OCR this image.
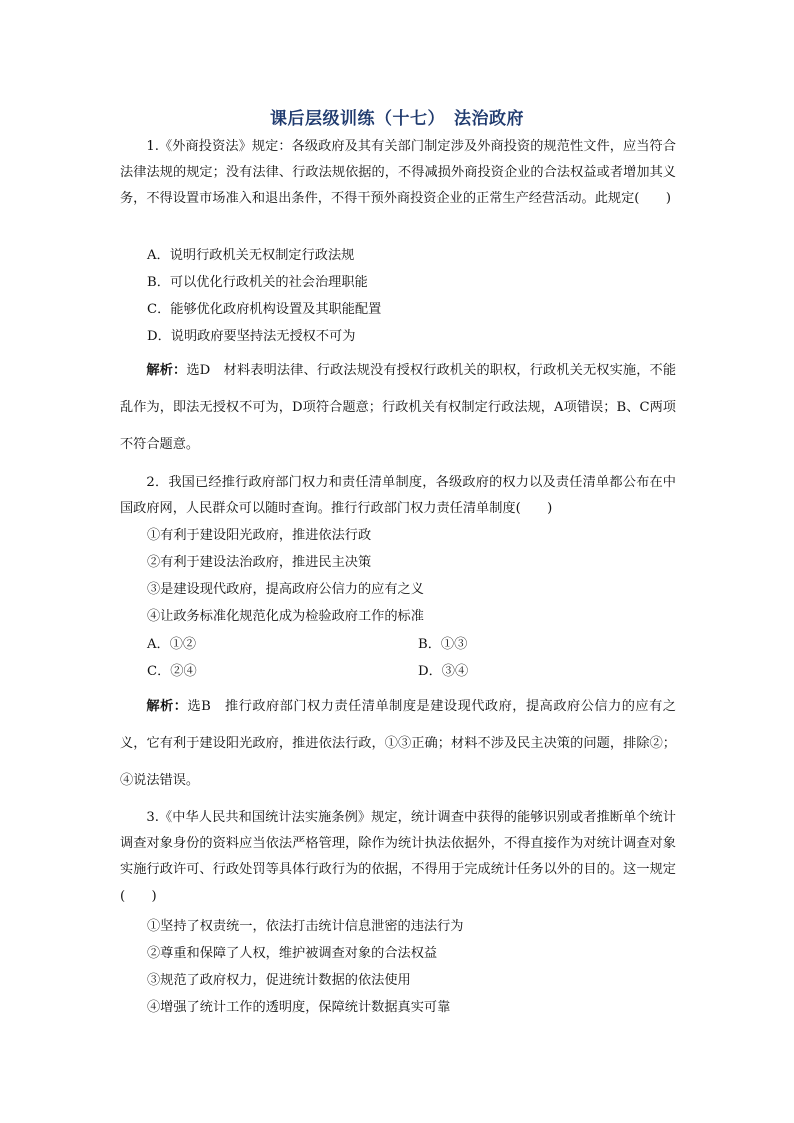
课后层级训练（十七）　法治政府

1.《外商投资法》规定：各级政府及其有关部门制定涉及外商投资的规范性文件，应当符合法律法规的规定；没有法律、行政法规依据的，不得减损外商投资企业的合法权益或者增加其义务，不得设置市场准入和退出条件，不得干预外商投资企业的正常生产经营活动。此规定(　　)

A．说明行政机关无权制定行政法规

B．可以优化行政机关的社会治理职能

C．能够优化政府机构设置及其职能配置

D．说明政府要坚持法无授权不可为

解析：选D　材料表明法律、行政法规没有授权行政机关的职权，行政机关无权实施，不能乱作为，即法无授权不可为，D项符合题意；行政机关有权制定行政法规，A项错误；B、C两项不符合题意。

2．我国已经推行政府部门权力和责任清单制度，各级政府的权力以及责任清单都公布在中国政府网，人民群众可以随时查询。推行行政部门权力责任清单制度(　　)

①有利于建设阳光政府，推进依法行政

②有利于建设法治政府，推进民主决策

③是建设现代政府，提高政府公信力的应有之义

④让政务标准化规范化成为检验政府工作的标准

A．①②	B．①③

C．②④	D．③④

解析：选B　推行政府部门权力责任清单制度是建设现代政府，提高政府公信力的应有之义，它有利于建设阳光政府，推进依法行政，①③正确；材料不涉及民主决策的问题，排除②；④说法错误。

3.《中华人民共和国统计法实施条例》规定，统计调查中获得的能够识别或者推断单个统计调查对象身份的资料应当依法严格管理，除作为统计执法依据外，不得直接作为对统计调查对象实施行政许可、行政处罚等具体行政行为的依据，不得用于完成统计任务以外的目的。这一规定(　　)

①坚持了权责统一，依法打击统计信息泄密的违法行为

②尊重和保障了人权，维护被调查对象的合法权益

③规范了政府权力，促进统计数据的依法使用

④增强了统计工作的透明度，保障统计数据真实可靠
